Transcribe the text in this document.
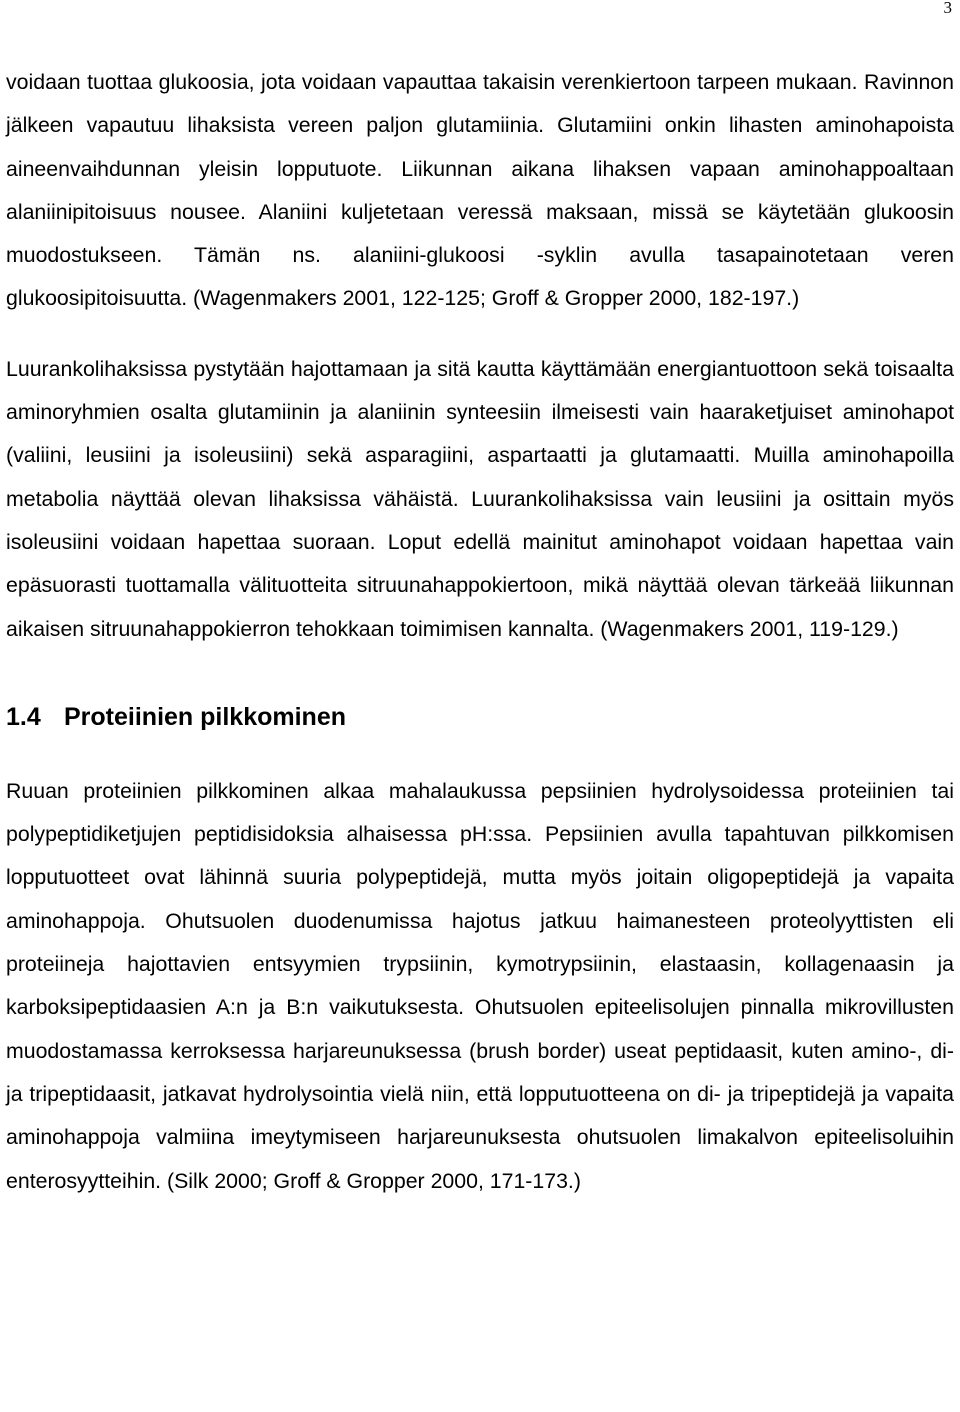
3

voidaan tuottaa glukoosia, jota voidaan vapauttaa takaisin verenkiertoon tarpeen mukaan. Ravinnon jälkeen vapautuu lihaksista vereen paljon glutamiinia. Glutamiini onkin lihasten aminohapoista aineenvaihdunnan yleisin lopputuote. Liikunnan aikana lihaksen vapaan aminohappoaltaan alaniinipitoisuus nousee. Alaniini kuljetetaan veressä maksaan, missä se käytetään glukoosin muodostukseen. Tämän ns. alaniini-glukoosi -syklin avulla tasapainotetaan veren glukoosipitoisuutta. (Wagenmakers 2001, 122-125; Groff & Gropper 2000, 182-197.)

Luurankolihaksissa pystytään hajottamaan ja sitä kautta käyttämään energiantuottoon sekä toisaalta aminoryhmien osalta glutamiinin ja alaniinin synteesiin ilmeisesti vain haaraketjuiset aminohapot (valiini, leusiini ja isoleusiini) sekä asparagiini, aspartaatti ja glutamaatti. Muilla aminohapoilla metabolia näyttää olevan lihaksissa vähäistä. Luurankolihaksissa vain leusiini ja osittain myös isoleusiini voidaan hapettaa suoraan. Loput edellä mainitut aminohapot voidaan hapettaa vain epäsuorasti tuottamalla välituotteita sitruunahappokiertoon, mikä näyttää olevan tärkeää liikunnan aikaisen sitruunahappokierron tehokkaan toimimisen kannalta. (Wagenmakers 2001, 119-129.)

1.4 Proteiinien pilkkominen

Ruuan proteiinien pilkkominen alkaa mahalaukussa pepsiinien hydrolysoidessa proteiinien tai polypeptidiketjujen peptidisidoksia alhaisessa pH:ssa. Pepsiinien avulla tapahtuvan pilkkomisen lopputuotteet ovat lähinnä suuria polypeptidejä, mutta myös joitain oligopeptidejä ja vapaita aminohappoja. Ohutsuolen duodenumissa hajotus jatkuu haimanesteen proteolyyttisten eli proteiineja hajottavien entsyymien trypsiinin, kymotrypsiinin, elastaasin, kollagenaasin ja karboksipeptidaasien A:n ja B:n vaikutuksesta. Ohutsuolen epiteelisolujen pinnalla mikrovillusten muodostamassa kerroksessa harjareunuksessa (brush border) useat peptidaasit, kuten amino-, di- ja tripeptidaasit, jatkavat hydrolysointia vielä niin, että lopputuotteena on di- ja tripeptidejä ja vapaita aminohappoja valmiina imeytymiseen harjareunuksesta ohutsuolen limakalvon epiteelisoluihin enterosyytteihin. (Silk 2000; Groff & Gropper 2000, 171-173.)
